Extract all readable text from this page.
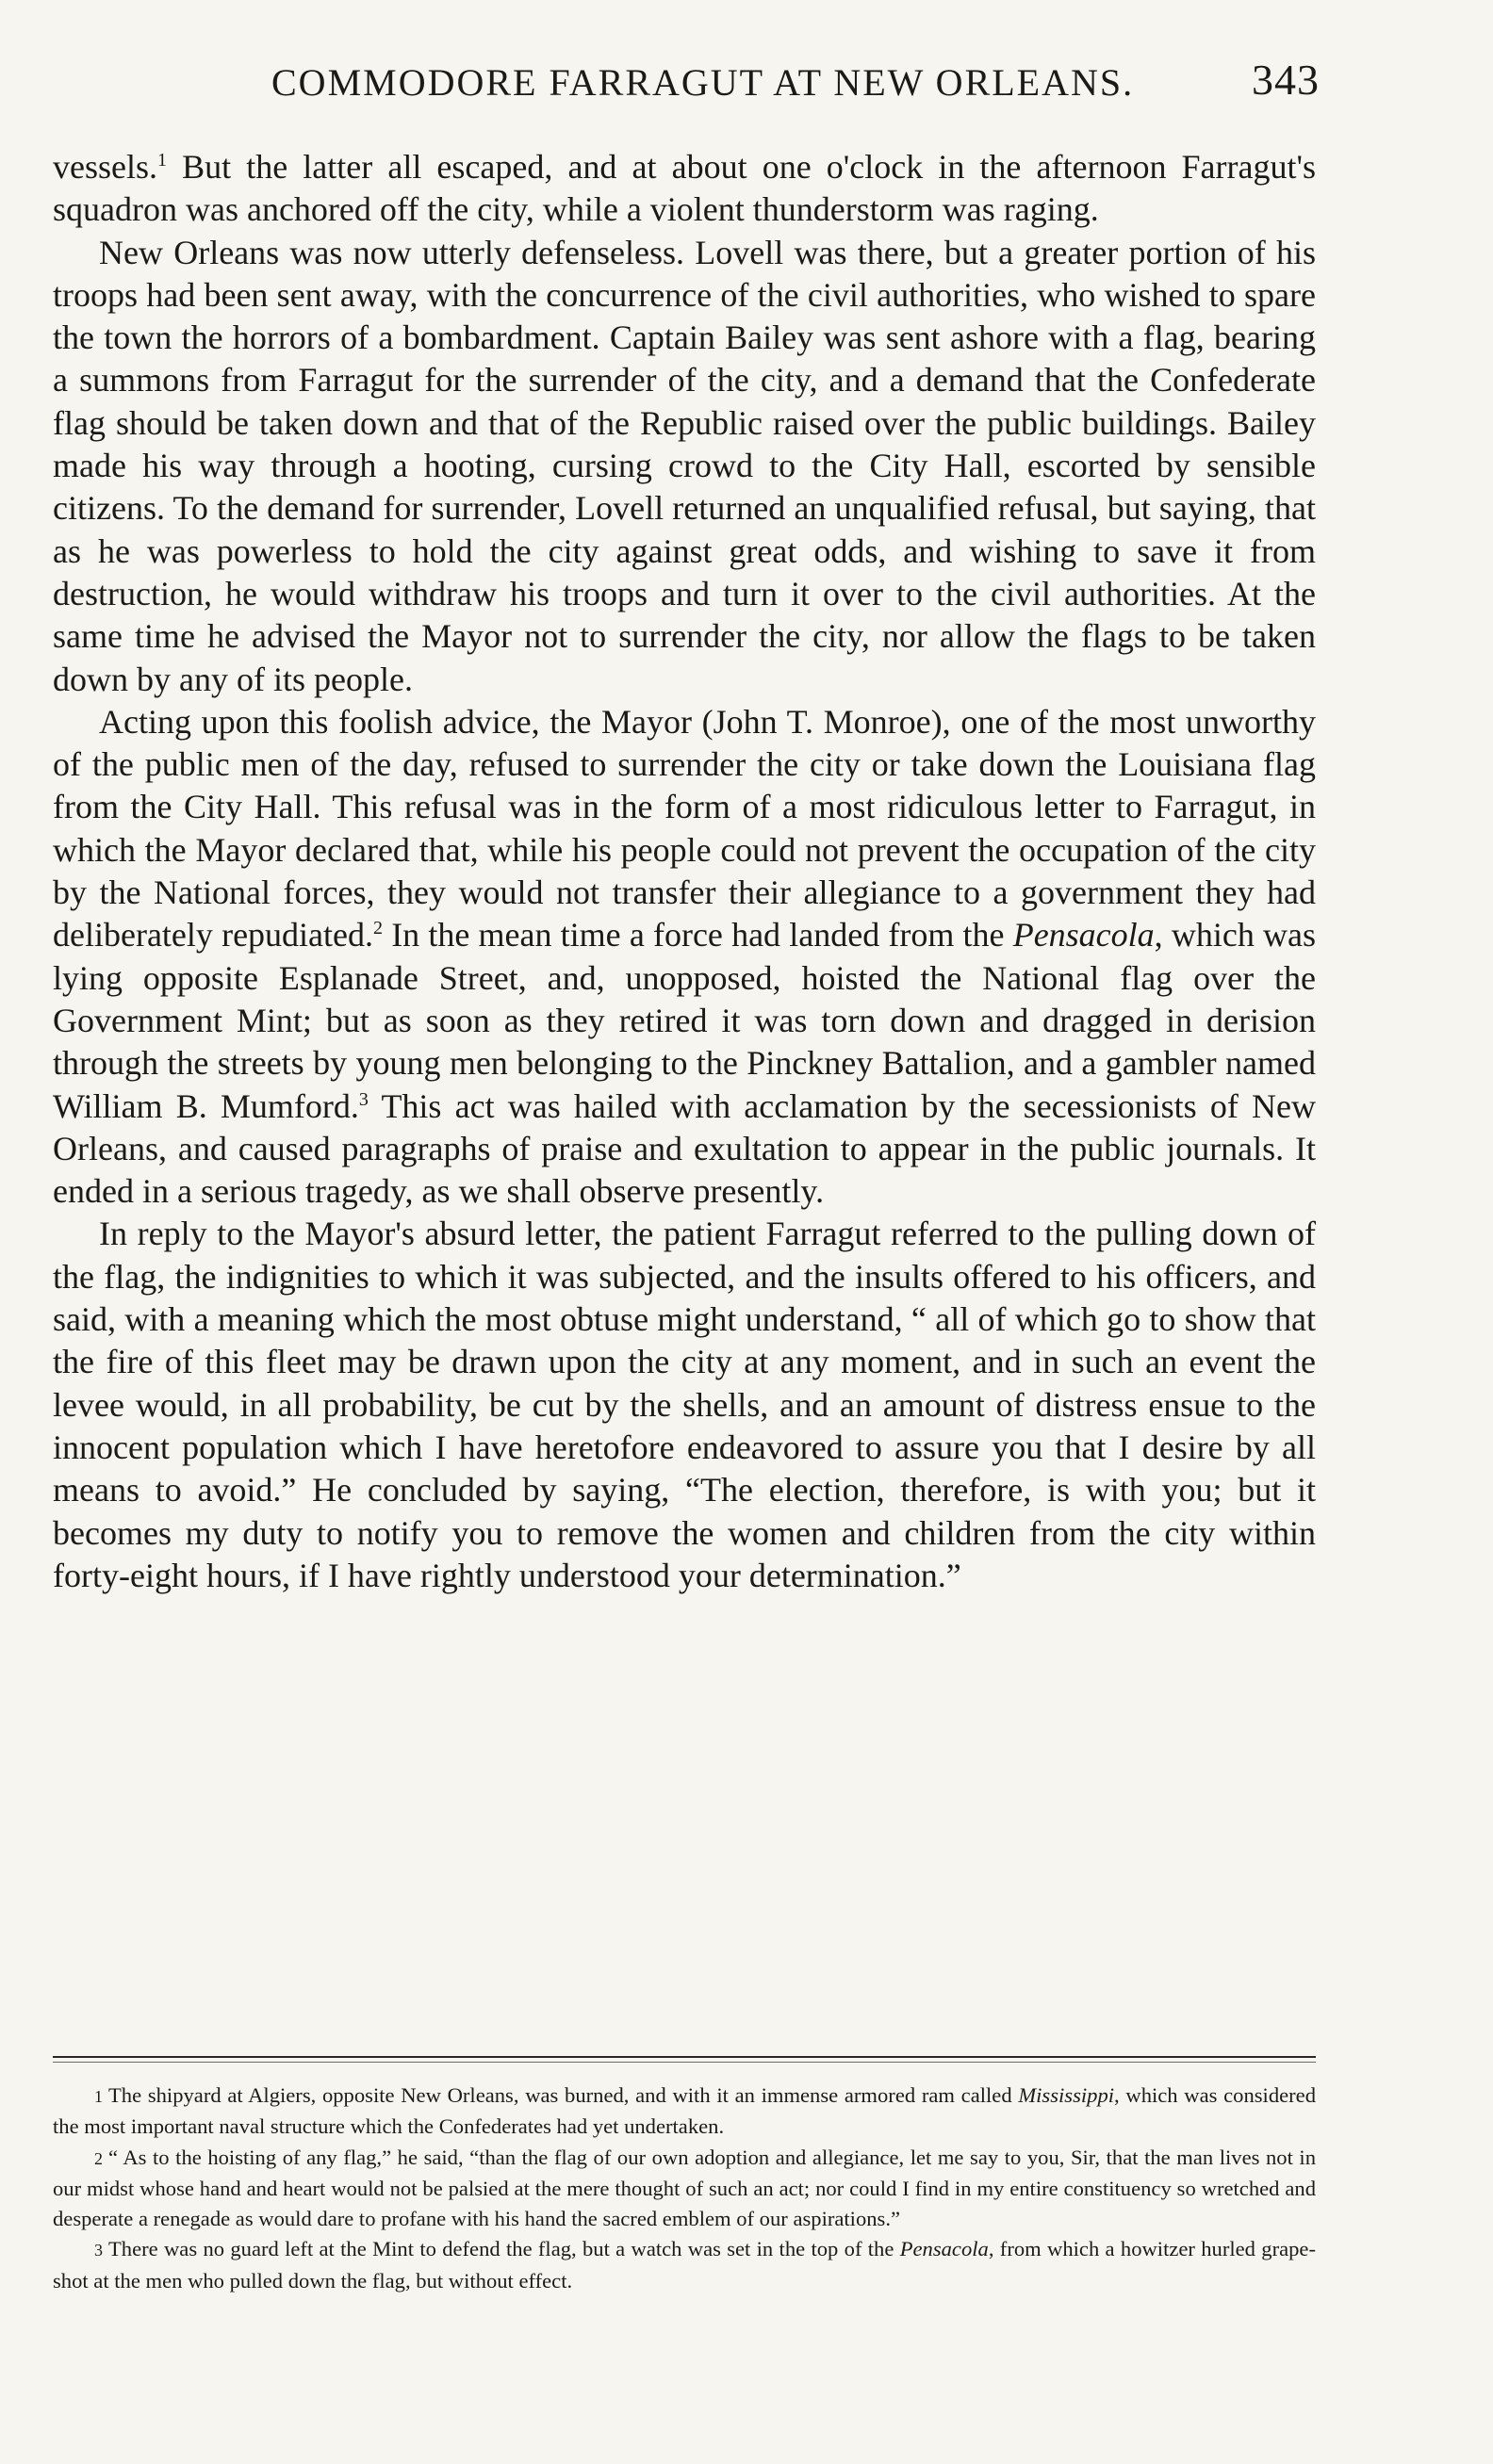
COMMODORE FARRAGUT AT NEW ORLEANS.	343

vessels.$^1$ But the latter all escaped, and at about one o'clock in the afternoon Farragut's squadron was anchored off the city, while a violent thunderstorm was raging.

New Orleans was now utterly defenseless. Lovell was there, but a greater portion of his troops had been sent away, with the concurrence of the civil authorities, who wished to spare the town the horrors of a bombardment. Captain Bailey was sent ashore with a flag, bearing a summons from Farragut for the surrender of the city, and a demand that the Confederate flag should be taken down and that of the Republic raised over the public buildings. Bailey made his way through a hooting, cursing crowd to the City Hall, escorted by sensible citizens. To the demand for surrender, Lovell returned an unqualified refusal, but saying, that as he was powerless to hold the city against great odds, and wishing to save it from destruction, he would withdraw his troops and turn it over to the civil authorities. At the same time he advised the Mayor not to surrender the city, nor allow the flags to be taken down by any of its people.

Acting upon this foolish advice, the Mayor (John T. Monroe), one of the most unworthy of the public men of the day, refused to surrender the city or take down the Louisiana flag from the City Hall. This refusal was in the form of a most ridiculous letter to Farragut, in which the Mayor declared that, while his people could not prevent the occupation of the city by the National forces, they would not transfer their allegiance to a government they had deliberately repudiated.$^2$ In the mean time a force had landed from the Pensacola, which was lying opposite Esplanade Street, and, unopposed, hoisted the National flag over the Government Mint; but as soon as they retired it was torn down and dragged in derision through the streets by young men belonging to the Pinckney Battalion, and a gambler named William B. Mumford.$^3$ This act was hailed with acclamation by the secessionists of New Orleans, and caused paragraphs of praise and exultation to appear in the public journals. It ended in a serious tragedy, as we shall observe presently.

In reply to the Mayor's absurd letter, the patient Farragut referred to the pulling down of the flag, the indignities to which it was subjected, and the insults offered to his officers, and said, with a meaning which the most obtuse might understand, “ all of which go to show that the fire of this fleet may be drawn upon the city at any moment, and in such an event the levee would, in all probability, be cut by the shells, and an amount of distress ensue to the innocent population which I have heretofore endeavored to assure you that I desire by all means to avoid.” He concluded by saying, “The election, therefore, is with you; but it becomes my duty to notify you to remove the women and children from the city within forty-eight hours, if I have rightly understood your determination.”

1 The shipyard at Algiers, opposite New Orleans, was burned, and with it an immense armored ram called Mississippi, which was considered the most important naval structure which the Confederates had yet undertaken.

2 “ As to the hoisting of any flag,” he said, “than the flag of our own adoption and allegiance, let me say to you, Sir, that the man lives not in our midst whose hand and heart would not be palsied at the mere thought of such an act; nor could I find in my entire constituency so wretched and desperate a renegade as would dare to profane with his hand the sacred emblem of our aspirations.”

3 There was no guard left at the Mint to defend the flag, but a watch was set in the top of the Pensacola, from which a howitzer hurled grape-shot at the men who pulled down the flag, but without effect.
